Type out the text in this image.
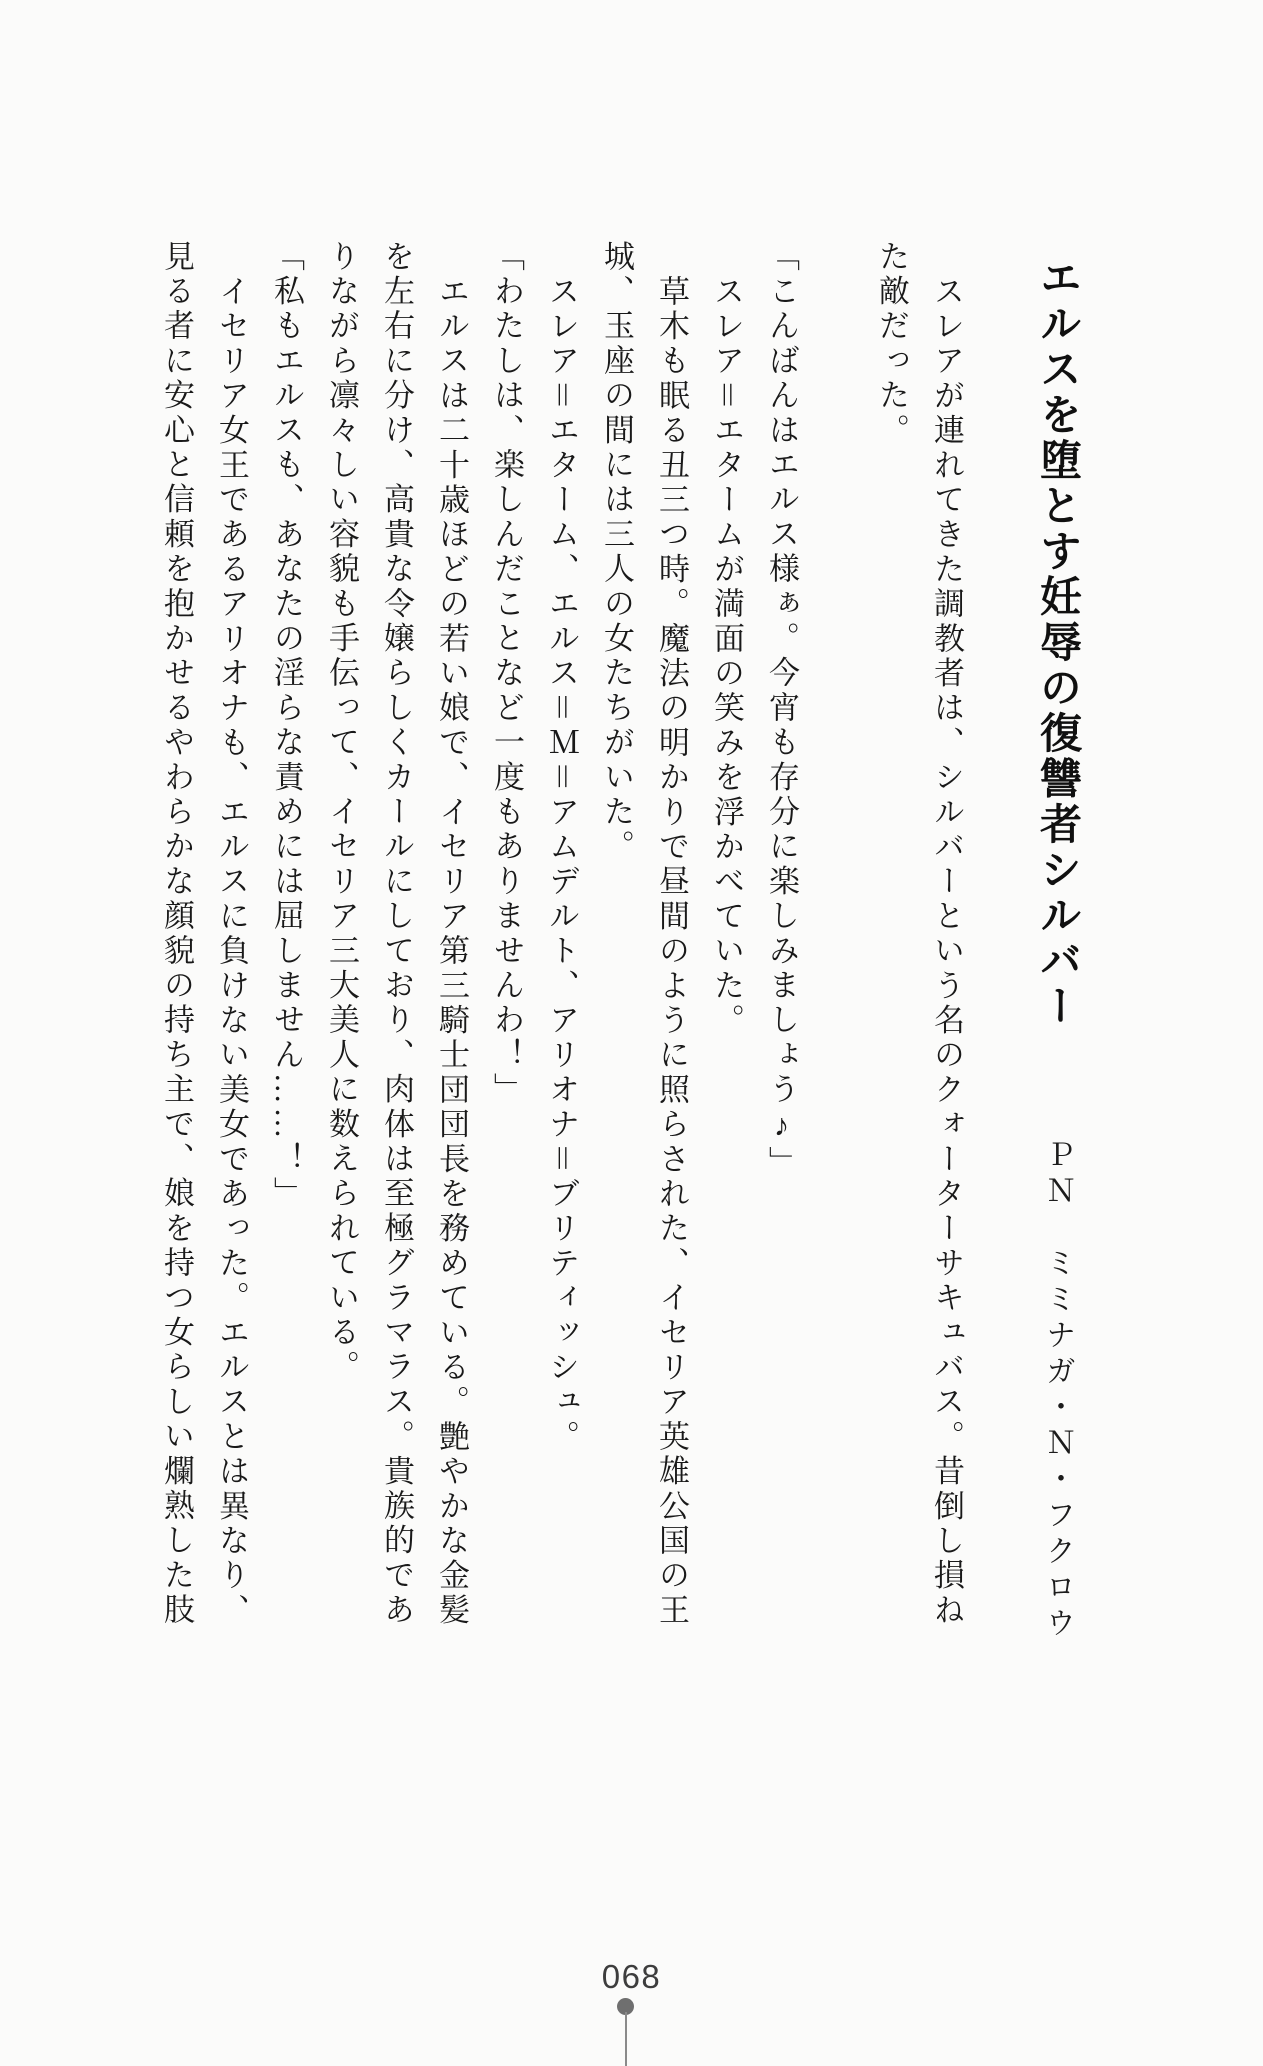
エルスを堕とす妊辱の復讐者シルバー ＰＮ　ミミナガ・Ｎ・フクロウ
スレアが連れてきた調教者は、シルバーという名のクォーターサキュバス。昔倒し損ね
た敵だった。
「こんばんはエルス様ぁ。今宵も存分に楽しみましょう♪」
スレア＝エタームが満面の笑みを浮かべていた。
草木も眠る丑三つ時。魔法の明かりで昼間のように照らされた、イセリア英雄公国の王
城、玉座の間には三人の女たちがいた。
スレア＝エターム、エルス＝Ｍ＝アムデルト、アリオナ＝ブリティッシュ。
「わたしは、楽しんだことなど一度もありませんわ！」
エルスは二十歳ほどの若い娘で、イセリア第三騎士団団長を務めている。艶やかな金髪
を左右に分け、高貴な令嬢らしくカールにしており、肉体は至極グラマラス。貴族的であ
りながら凛々しい容貌も手伝って、イセリア三大美人に数えられている。
「私もエルスも、あなたの淫らな責めには屈しません……！」
イセリア女王であるアリオナも、エルスに負けない美女であった。エルスとは異なり、
見る者に安心と信頼を抱かせるやわらかな顔貌の持ち主で、娘を持つ女らしい爛熟した肢
068
